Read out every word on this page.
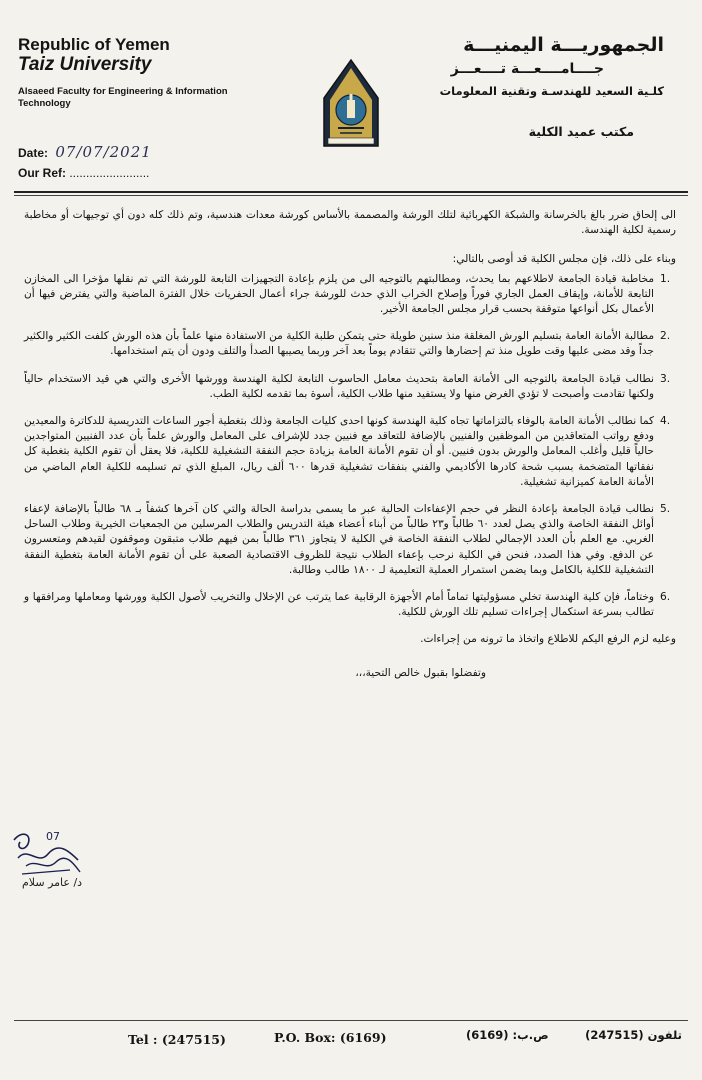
Republic of Yemen
Taiz University
Alsaeed Faculty for Engineering & Information Technology
الجمهوريـــة اليمنيـــة
جــــامــــعـــة تــــعـــز
كلـية السعيد للهندسـة وتقنية المعلومات
مكتب عميد الكلية
Date: 07/07/2021
Our Ref: ........................

الى إلحاق ضرر بالغ بالخرسانة والشبكة الكهربائية لتلك الورشة والمصممة بالأساس كورشة معدات هندسية، وتم ذلك كله دون أي توجيهات أو مخاطبة رسمية لكلية الهندسة.

وبناء على ذلك، فإن مجلس الكلية قد أوصى بالتالي:

.1
مخاطبة قيادة الجامعة لاطلاعهم بما يحدث، ومطالبتهم بالتوجيه الى من يلزم بإعادة التجهيزات التابعة للورشة التي تم نقلها مؤخرا الى المخازن التابعة للأمانة، وإيقاف العمل الجاري فوراً وإصلاح الخراب الذي حدث للورشة جراء أعمال الحفريات خلال الفترة الماضية والتي يفترض فيها أن الأعمال بكل أنواعها متوقفة بحسب قرار مجلس الجامعة الأخير.
.2
مطالبة الأمانة العامة بتسليم الورش المغلقة منذ سنين طويلة حتى يتمكن طلبة الكلية من الاستفادة منها علماً بأن هذه الورش كلفت الكثير والكثير جداً وقد مضى عليها وقت طويل منذ تم إحضارها والتي تتقادم يوماً بعد آخر وربما يصيبها الصدأ والتلف ودون أن يتم استخدامها.
.3
نطالب قيادة الجامعة بالتوجيه الى الأمانة العامة بتحديث معامل الحاسوب التابعة لكلية الهندسة وورشها الأخرى والتي هي قيد الاستخدام حالياً ولكنها تقادمت وأصبحت لا تؤدي الغرض منها ولا يستفيد منها طلاب الكلية، أسوة بما تقدمه لكلية الطب.
.4
كما نطالب الأمانة العامة بالوفاء بالتزاماتها تجاه كلية الهندسة كونها احدى كليات الجامعة وذلك بتغطية أجور الساعات التدريسية للدكاترة والمعيدين ودفع رواتب المتعاقدين من الموظفين والفنيين بالإضافة للتعاقد مع فنيين جدد للإشراف على المعامل والورش علماً بأن عدد الفنيين المتواجدين حالياً قليل وأغلب المعامل والورش بدون فنيين. أو أن تقوم الأمانة العامة بزيادة حجم النفقة التشغيلية للكلية، فلا يعقل أن تقوم الكلية بتغطية كل نفقاتها المتضخمة بسبب شحة كادرها الأكاديمي والفني بنفقات تشغيلية قدرها ٦٠٠ ألف ريال، المبلغ الذي تم تسليمه للكلية العام الماضي من الأمانة العامة كميزانية تشغيلية.
.5
نطالب قيادة الجامعة بإعادة النظر في حجم الإعفاءات الحالية عبر ما يسمى بدراسة الحالة والتي كان آخرها كشفاً بـ ٦٨ طالباً بالإضافة لإعفاء أوائل النفقة الخاصة والذي يصل لعدد ٦٠ طالباً و٢٣ طالباً من أبناء أعضاء هيئة التدريس والطلاب المرسلين من الجمعيات الخيرية وطلاب الساحل الغربي. مع العلم بأن العدد الإجمالي لطلاب النفقة الخاصة في الكلية لا يتجاوز ٣٦١ طالباً بمن فيهم طلاب متبقون وموقفون لقيدهم ومتعسرون عن الدفع. وفي هذا الصدد، فنحن في الكلية نرحب بإعفاء الطلاب نتيجة للظروف الاقتصادية الصعبة على أن تقوم الأمانة العامة بتغطية النفقة التشغيلية للكلية بالكامل وبما يضمن استمرار العملية التعليمية لـ ١٨٠٠ طالب وطالبة.
.6
وختاماً، فإن كلية الهندسة تخلي مسؤوليتها تماماً أمام الأجهزة الرقابية عما يترتب عن الإخلال والتخريب لأصول الكلية وورشها ومعاملها ومرافقها و تطالب بسرعة استكمال إجراءات تسليم تلك الورش للكلية.

وعليه لزم الرفع اليكم للاطلاع واتخاذ ما ترونه من إجراءات.

وتفضلوا بقبول خالص التحية،،،

07
د/ عامر سلام
Tel : (247515)	P.O. Box: (6169)	ص.ب: (6169)	تلفون (247515)
